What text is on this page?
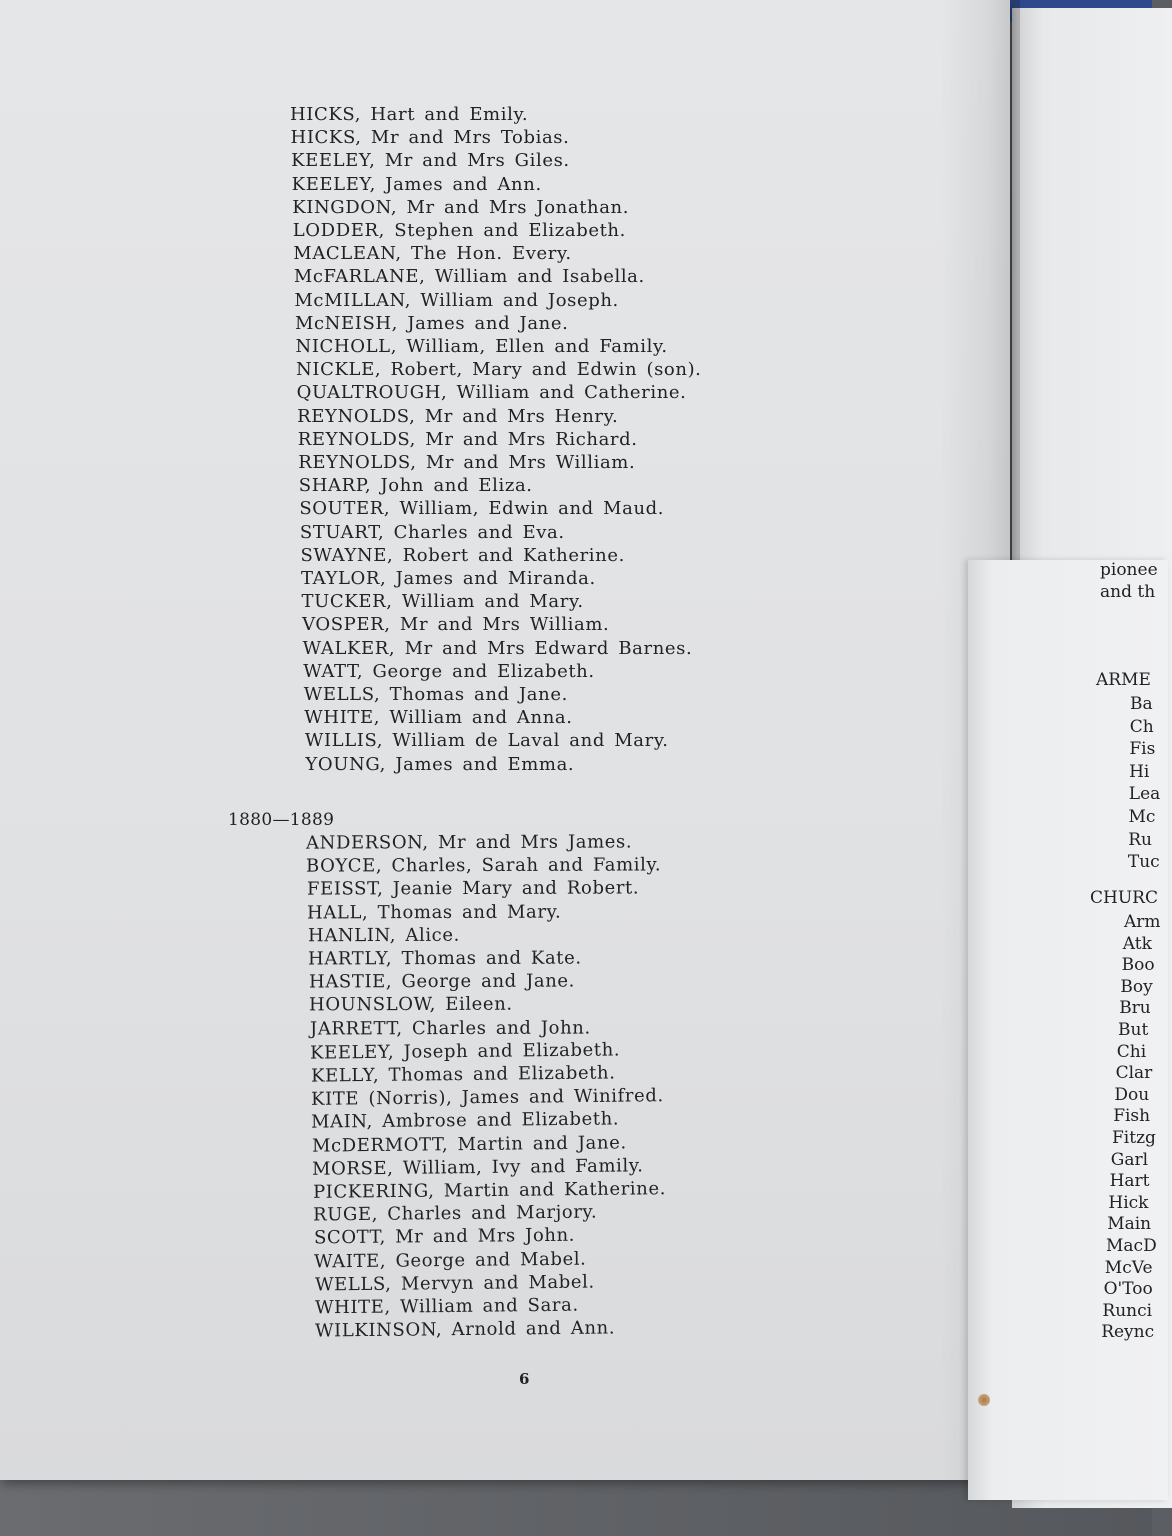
HICKS, Hart and Emily.
HICKS, Mr and Mrs Tobias.
KEELEY, Mr and Mrs Giles.
KEELEY, James and Ann.
KINGDON, Mr and Mrs Jonathan.
LODDER, Stephen and Elizabeth.
MACLEAN, The Hon. Every.
McFARLANE, William and Isabella.
McMILLAN, William and Joseph.
McNEISH, James and Jane.
NICHOLL, William, Ellen and Family.
NICKLE, Robert, Mary and Edwin (son).
QUALTROUGH, William and Catherine.
REYNOLDS, Mr and Mrs Henry.
REYNOLDS, Mr and Mrs Richard.
REYNOLDS, Mr and Mrs William.
SHARP, John and Eliza.
SOUTER, William, Edwin and Maud.
STUART, Charles and Eva.
SWAYNE, Robert and Katherine.
TAYLOR, James and Miranda.
TUCKER, William and Mary.
VOSPER, Mr and Mrs William.
WALKER, Mr and Mrs Edward Barnes.
WATT, George and Elizabeth.
WELLS, Thomas and Jane.
WHITE, William and Anna.
WILLIS, William de Laval and Mary.
YOUNG, James and Emma.
1880—1889
ANDERSON, Mr and Mrs James.
BOYCE, Charles, Sarah and Family.
FEISST, Jeanie Mary and Robert.
HALL, Thomas and Mary.
HANLIN, Alice.
HARTLY, Thomas and Kate.
HASTIE, George and Jane.
HOUNSLOW, Eileen.
JARRETT, Charles and John.
KEELEY, Joseph and Elizabeth.
KELLY, Thomas and Elizabeth.
KITE (Norris), James and Winifred.
MAIN, Ambrose and Elizabeth.
McDERMOTT, Martin and Jane.
MORSE, William, Ivy and Family.
PICKERING, Martin and Katherine.
RUGE, Charles and Marjory.
SCOTT, Mr and Mrs John.
WAITE, George and Mabel.
WELLS, Mervyn and Mabel.
WHITE, William and Sara.
WILKINSON, Arnold and Ann.
6
pionee
and th
ARME
Ba
Ch
Fis
Hi
Lea
Mc
Ru
Tuc
CHURC
Arm
Atk
Boo
Boy
Bru
But
Chi
Clar
Dou
Fish
Fitzg
Garl
Hart
Hick
Main
MacD
McVe
O'Too
Runci
Reync
